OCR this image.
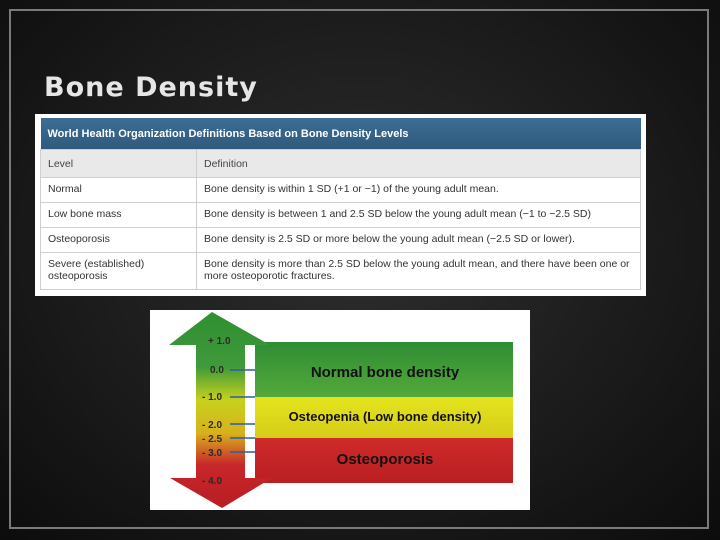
Bone Density
World Health Organization Definitions Based on Bone Density Levels	
Level	Definition
Normal	Bone density is within 1 SD (+1 or −1) of the young adult mean.
Low bone mass	Bone density is between 1 and 2.5 SD below the young adult mean (−1 to −2.5 SD)
Osteoporosis	Bone density is 2.5 SD or more below the young adult mean (−2.5 SD or lower).
Severe (established) osteoporosis	Bone density is more than 2.5 SD below the young adult mean, and there have been one or more osteoporotic fractures.
+ 1.0
0.0
- 1.0
- 2.0
- 2.5
- 3.0
- 4.0
Normal bone density
Osteopenia (Low bone density)
Osteoporosis
